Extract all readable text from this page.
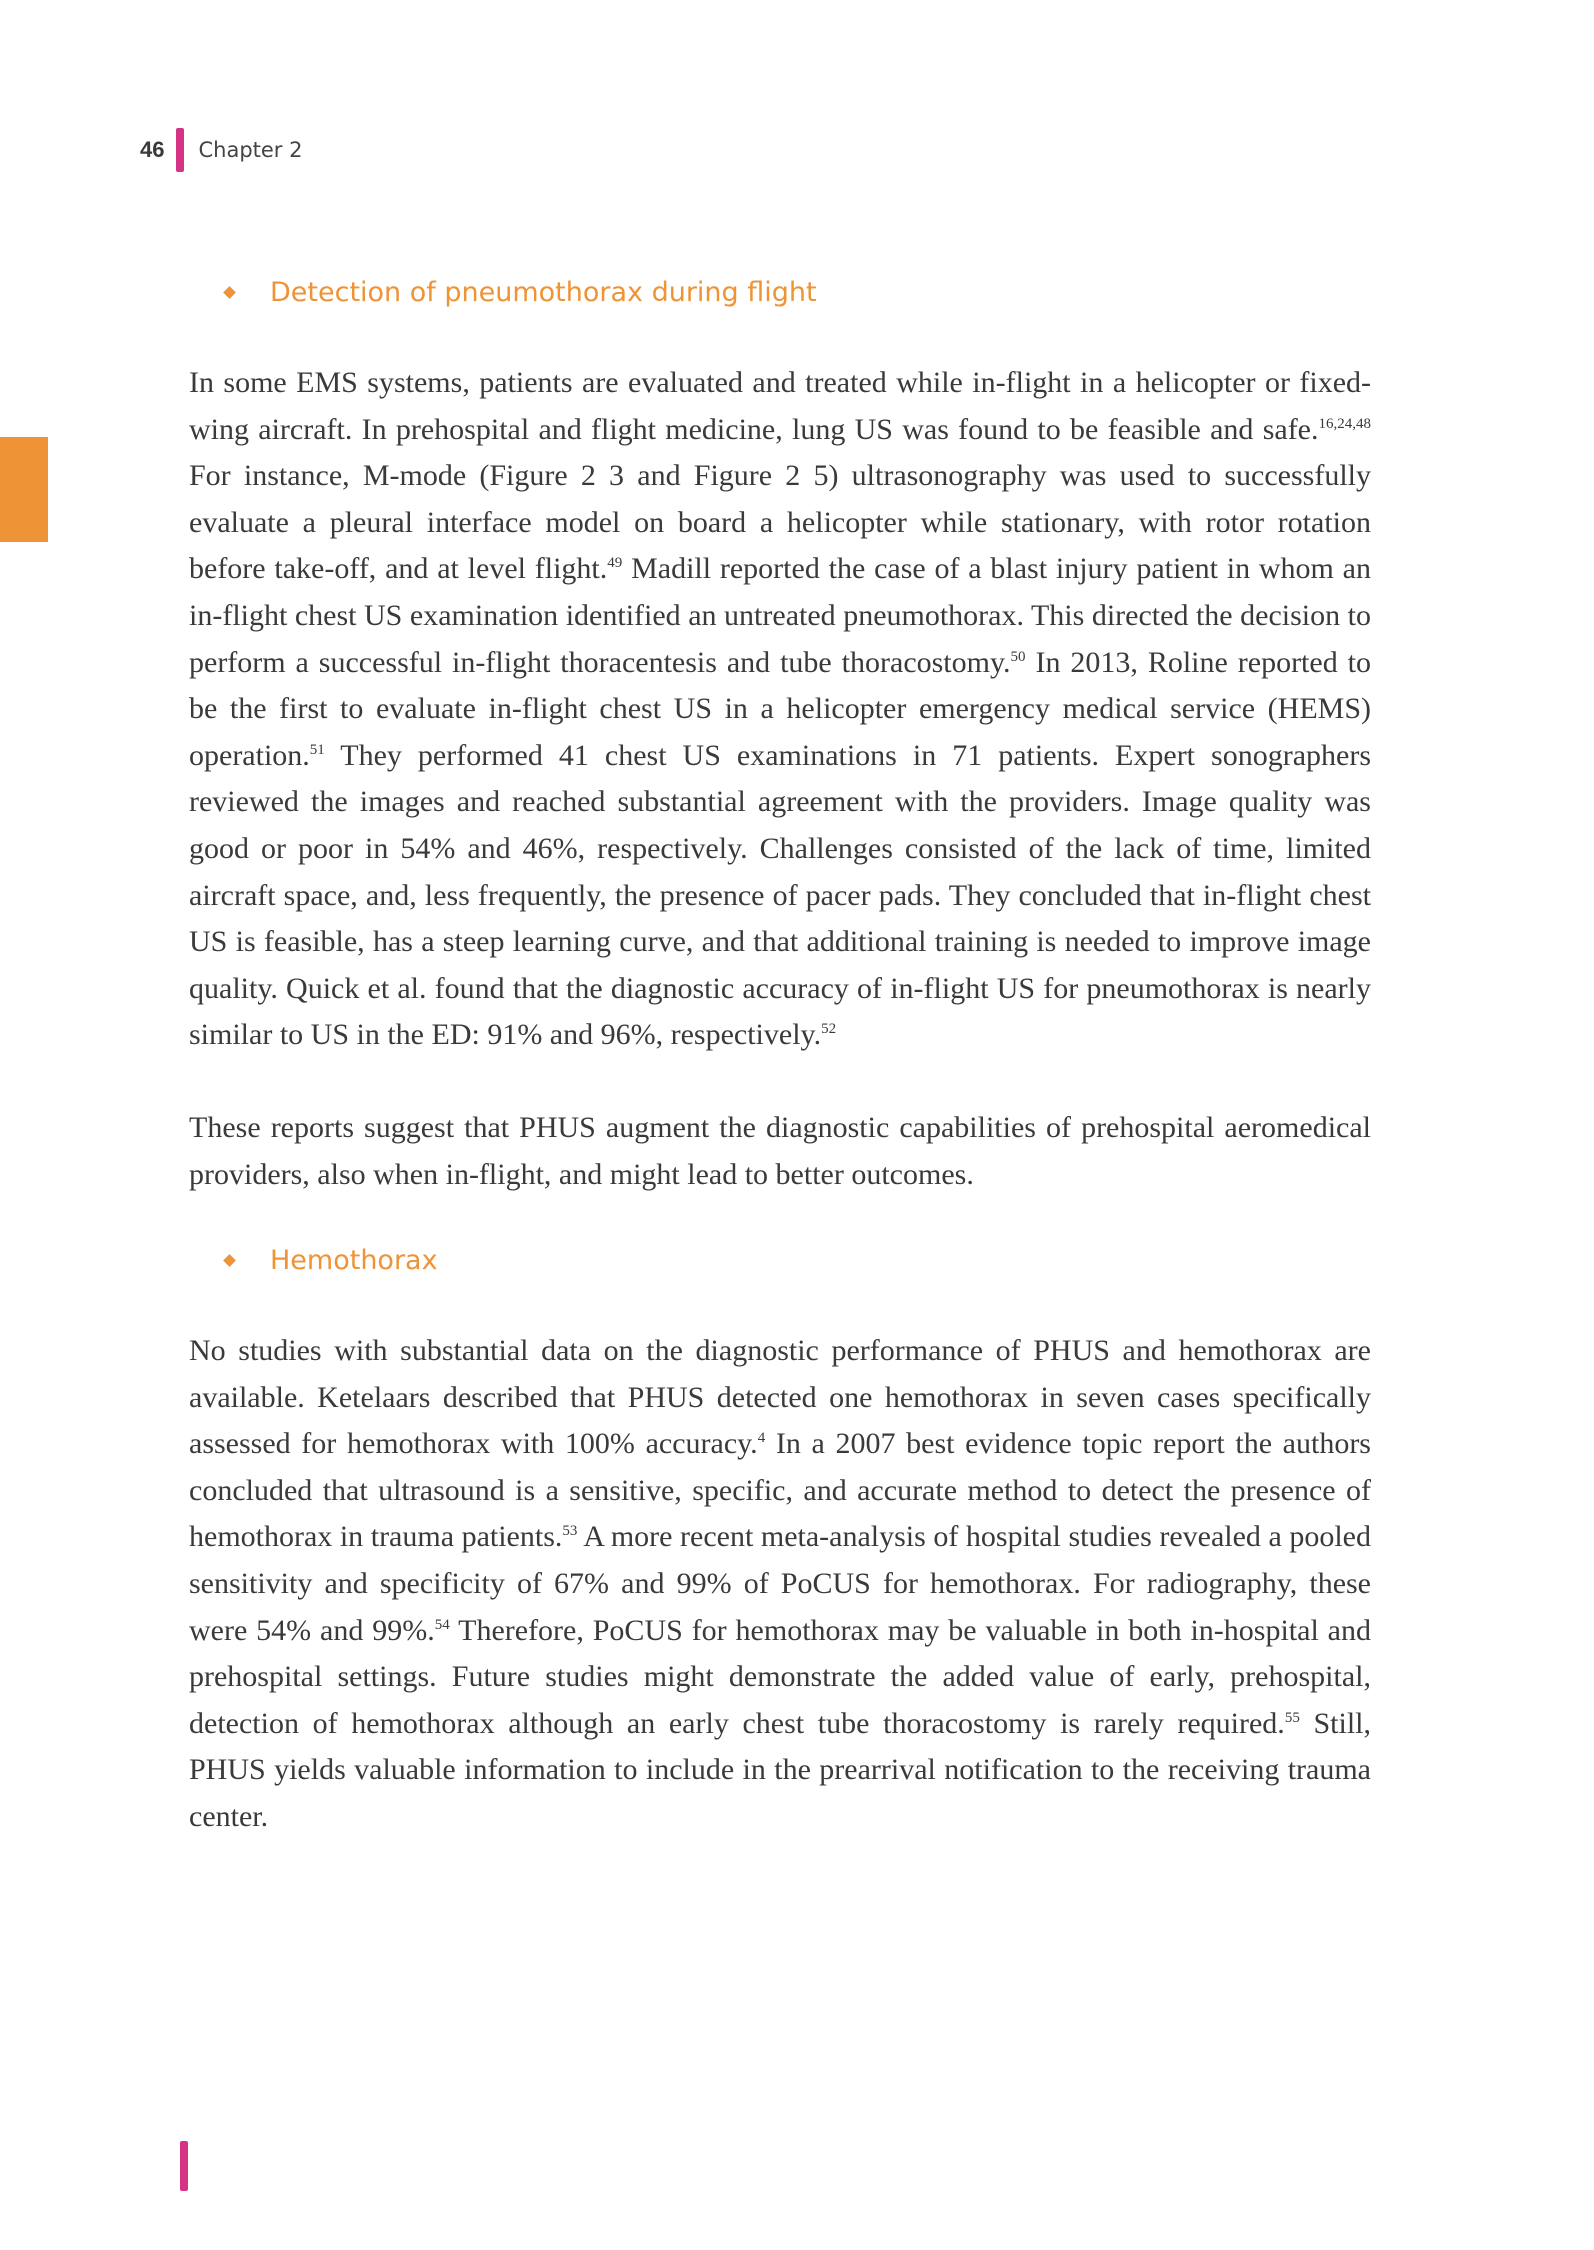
46 Chapter 2
Detection of pneumothorax during flight

In some EMS systems, patients are evaluated and treated while in-flight in a helicopter or fixed-wing aircraft. In prehospital and flight medicine, lung US was found to be feasible and safe.$^{16,24,48}$ For instance, M-mode (Figure 2 3 and Figure 2 5) ultrasonography was used to successfully evaluate a pleural interface model on board a helicopter while stationary, with rotor rotation before take-off, and at level flight.$^{49}$ Madill reported the case of a blast injury patient in whom an in-flight chest US examination identified an untreated pneumothorax. This directed the decision to perform a successful in-flight thoracentesis and tube thoracostomy.$^{50}$ In 2013, Roline reported to be the first to evaluate in-flight chest US in a helicopter emergency medical service (HEMS) operation.$^{51}$ They performed 41 chest US examinations in 71 patients. Expert sonographers reviewed the images and reached substantial agreement with the providers. Image quality was good or poor in 54% and 46%, respectively. Challenges consisted of the lack of time, limited aircraft space, and, less frequently, the presence of pacer pads. They concluded that in-flight chest US is feasible, has a steep learning curve, and that additional training is needed to improve image quality. Quick et al. found that the diagnostic accuracy of in-flight US for pneumothorax is nearly similar to US in the ED: 91% and 96%, respectively.$^{52}$

These reports suggest that PHUS augment the diagnostic capabilities of prehospital aeromedical providers, also when in-flight, and might lead to better outcomes.

Hemothorax

No studies with substantial data on the diagnostic performance of PHUS and hemothorax are available. Ketelaars described that PHUS detected one hemothorax in seven cases specifically assessed for hemothorax with 100% accuracy.$^4$ In a 2007 best evidence topic report the authors concluded that ultrasound is a sensitive, specific, and accurate method to detect the presence of hemothorax in trauma patients.$^{53}$ A more recent meta-analysis of hospital studies revealed a pooled sensitivity and specificity of 67% and 99% of PoCUS for hemothorax. For radiography, these were 54% and 99%.$^{54}$ Therefore, PoCUS for hemothorax may be valuable in both in-hospital and prehospital settings. Future studies might demonstrate the added value of early, prehospital, detection of hemothorax although an early chest tube thoracostomy is rarely required.$^{55}$ Still, PHUS yields valuable information to include in the prearrival notification to the receiving trauma center.
